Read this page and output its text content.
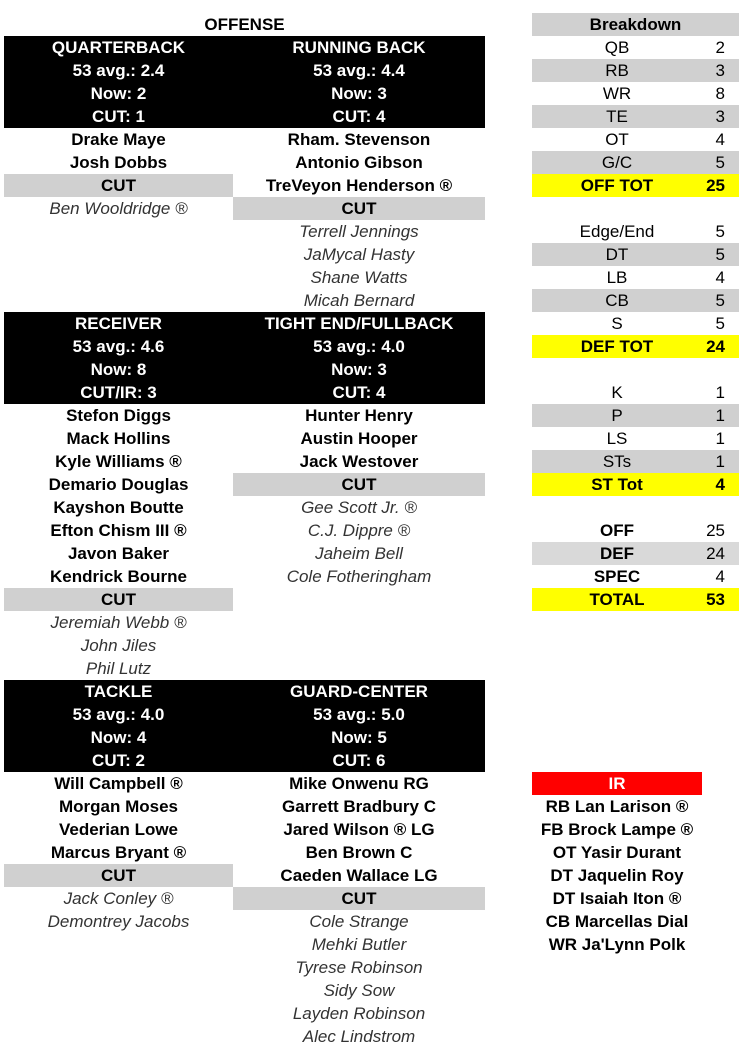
OFFENSE
QUARTERBACK
53 avg.: 2.4
Now: 2
CUT: 1
Drake Maye
Josh Dobbs
CUT
Ben Wooldridge ®
RUNNING BACK
53 avg.: 4.4
Now: 3
CUT: 4
Rham. Stevenson
Antonio Gibson
TreVeyon Henderson ®
CUT
Terrell Jennings
JaMycal Hasty
Shane Watts
Micah Bernard
RECEIVER
53 avg.: 4.6
Now: 8
CUT/IR: 3
Stefon Diggs
Mack Hollins
Kyle Williams ®
Demario Douglas
Kayshon Boutte
Efton Chism III ®
Javon Baker
Kendrick Bourne
CUT
Jeremiah Webb ®
John Jiles
Phil Lutz
TIGHT END/FULLBACK
53 avg.: 4.0
Now: 3
CUT: 4
Hunter Henry
Austin Hooper
Jack Westover
CUT
Gee Scott Jr. ®
C.J. Dippre ®
Jaheim Bell
Cole Fotheringham
TACKLE
53 avg.: 4.0
Now: 4
CUT: 2
Will Campbell ®
Morgan Moses
Vederian Lowe
Marcus Bryant ®
CUT
Jack Conley ®
Demontrey Jacobs
GUARD-CENTER
53 avg.: 5.0
Now: 5
CUT: 6
Mike Onwenu RG
Garrett Bradbury C
Jared Wilson ® LG
Ben Brown C
Caeden Wallace LG
CUT
Cole Strange
Mehki Butler
Tyrese Robinson
Sidy Sow
Layden Robinson
Alec Lindstrom
Breakdown
QB	2
RB	3
WR	8
TE	3
OT	4
G/C	5
OFF TOT	25
Edge/End	5
DT	5
LB	4
CB	5
S	5
DEF TOT	24
K	1
P	1
LS	1
STs	1
ST Tot	4
OFF	25
DEF	24
SPEC	4
TOTAL	53
IR
RB Lan Larison ®
FB Brock Lampe ®
OT Yasir Durant
DT Jaquelin Roy
DT Isaiah Iton ®
CB Marcellas Dial
WR Ja'Lynn Polk
